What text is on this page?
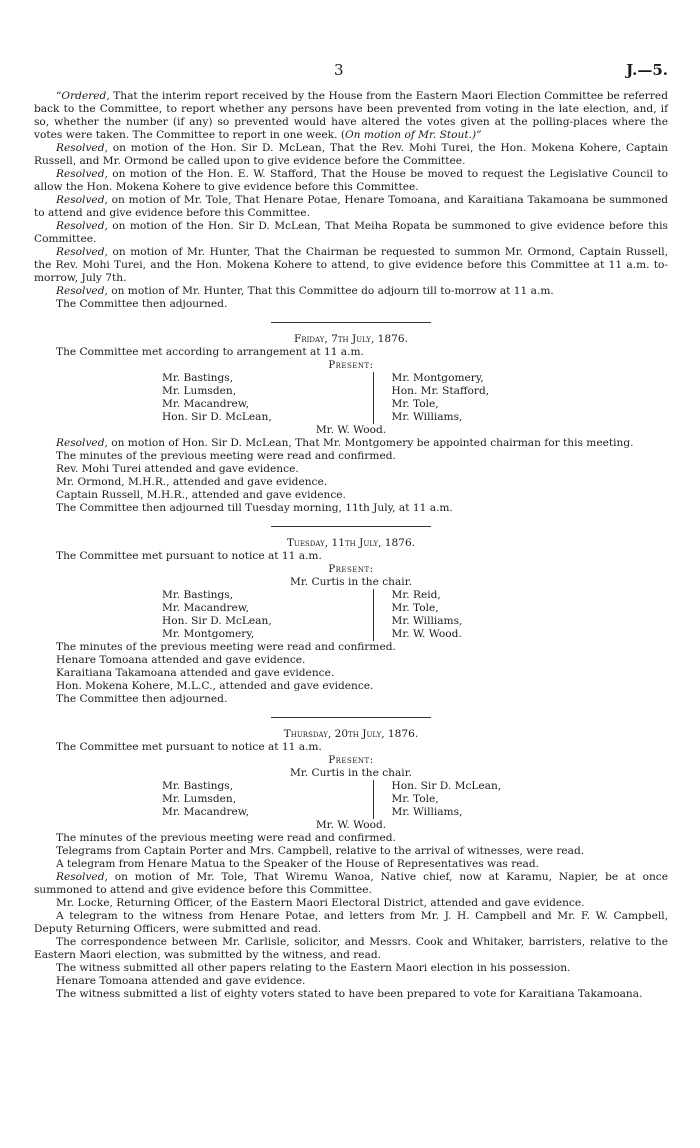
3	J.—5.

“Ordered, That the interim report received by the House from the Eastern Maori Election Committee be referred back to the Committee, to report whether any persons have been prevented from voting in the late election, and, if so, whether the number (if any) so prevented would have altered the votes given at the polling-places where the votes were taken. The Committee to report in one week. (On motion of Mr. Stout.)”

Resolved, on motion of the Hon. Sir D. McLean, That the Rev. Mohi Turei, the Hon. Mokena Kohere, Captain Russell, and Mr. Ormond be called upon to give evidence before the Committee.

Resolved, on motion of the Hon. E. W. Stafford, That the House be moved to request the Legislative Council to allow the Hon. Mokena Kohere to give evidence before this Committee.

Resolved, on motion of Mr. Tole, That Henare Potae, Henare Tomoana, and Karaitiana Takamoana be summoned to attend and give evidence before this Committee.

Resolved, on motion of the Hon. Sir D. McLean, That Meiha Ropata be summoned to give evidence before this Committee.

Resolved, on motion of Mr. Hunter, That the Chairman be requested to summon Mr. Ormond, Captain Russell, the Rev. Mohi Turei, and the Hon. Mokena Kohere to attend, to give evidence before this Committee at 11 a.m. to-morrow, July 7th.

Resolved, on motion of Mr. Hunter, That this Committee do adjourn till to-morrow at 11 a.m.

The Committee then adjourned.

Friday, 7th July, 1876.

The Committee met according to arrangement at 11 a.m.

Present:

Mr. Bastings,
Mr. Lumsden,
Mr. Macandrew,
Hon. Sir D. McLean,
Mr. Montgomery,
Hon. Mr. Stafford,
Mr. Tole,
Mr. Williams,

Mr. W. Wood.

Resolved, on motion of Hon. Sir D. McLean, That Mr. Montgomery be appointed chairman for this meeting.

The minutes of the previous meeting were read and confirmed.

Rev. Mohi Turei attended and gave evidence.

Mr. Ormond, M.H.R., attended and gave evidence.

Captain Russell, M.H.R., attended and gave evidence.

The Committee then adjourned till Tuesday morning, 11th July, at 11 a.m.

Tuesday, 11th July, 1876.

The Committee met pursuant to notice at 11 a.m.

Present:

Mr. Curtis in the chair.

Mr. Bastings,
Mr. Macandrew,
Hon. Sir D. McLean,
Mr. Montgomery,
Mr. Reid,
Mr. Tole,
Mr. Williams,
Mr. W. Wood.

The minutes of the previous meeting were read and confirmed.

Henare Tomoana attended and gave evidence.

Karaitiana Takamoana attended and gave evidence.

Hon. Mokena Kohere, M.L.C., attended and gave evidence.

The Committee then adjourned.

Thursday, 20th July, 1876.

The Committee met pursuant to notice at 11 a.m.

Present:

Mr. Curtis in the chair.

Mr. Bastings,
Mr. Lumsden,
Mr. Macandrew,
Hon. Sir D. McLean,
Mr. Tole,
Mr. Williams,

Mr. W. Wood.

The minutes of the previous meeting were read and confirmed.

Telegrams from Captain Porter and Mrs. Campbell, relative to the arrival of witnesses, were read.

A telegram from Henare Matua to the Speaker of the House of Representatives was read.

Resolved, on motion of Mr. Tole, That Wiremu Wanoa, Native chief, now at Karamu, Napier, be at once summoned to attend and give evidence before this Committee.

Mr. Locke, Returning Officer, of the Eastern Maori Electoral District, attended and gave evidence.

A telegram to the witness from Henare Potae, and letters from Mr. J. H. Campbell and Mr. F. W. Campbell, Deputy Returning Officers, were submitted and read.

The correspondence between Mr. Carlisle, solicitor, and Messrs. Cook and Whitaker, barristers, relative to the Eastern Maori election, was submitted by the witness, and read.

The witness submitted all other papers relating to the Eastern Maori election in his possession.

Henare Tomoana attended and gave evidence.

The witness submitted a list of eighty voters stated to have been prepared to vote for Karaitiana Takamoana.
